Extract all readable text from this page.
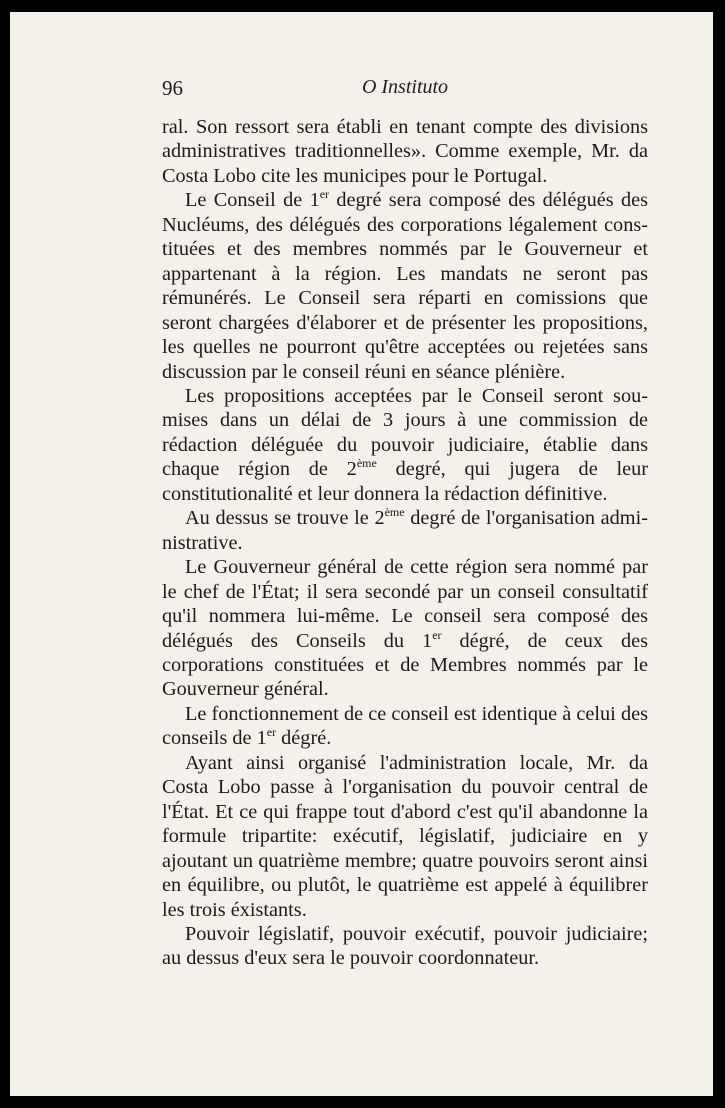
96	O Instituto

ral. Son ressort sera établi en tenant compte des divisions administratives traditionnelles». Comme exemple, Mr. da Costa Lobo cite les municipes pour le Portugal.

Le Conseil de 1er degré sera composé des délégués des Nucléums, des délégués des corporations légalement constituées et des membres nommés par le Gouverneur et appartenant à la région. Les mandats ne seront pas rémunérés. Le Conseil sera réparti en comissions que seront chargées d'élaborer et de présenter les propositions, les quelles ne pourront qu'être acceptées ou rejetées sans discussion par le conseil réuni en séance plénière.

Les propositions acceptées par le Conseil seront soumises dans un délai de 3 jours à une commission de rédaction déléguée du pouvoir judiciaire, établie dans chaque région de 2ème degré, qui jugera de leur constitutionalité et leur donnera la rédaction définitive.

Au dessus se trouve le 2ème degré de l'organisation administrative.

Le Gouverneur général de cette région sera nommé par le chef de l'État; il sera secondé par un conseil consultatif qu'il nommera lui-même. Le conseil sera composé des délégués des Conseils du 1er dégré, de ceux des corporations constituées et de Membres nommés par le Gouverneur général.

Le fonctionnement de ce conseil est identique à celui des conseils de 1er dégré.

Ayant ainsi organisé l'administration locale, Mr. da Costa Lobo passe à l'organisation du pouvoir central de l'État. Et ce qui frappe tout d'abord c'est qu'il abandonne la formule tripartite: exécutif, législatif, judiciaire en y ajoutant un quatrième membre; quatre pouvoirs seront ainsi en équilibre, ou plutôt, le quatrième est appelé à équilibrer les trois éxistants.

Pouvoir législatif, pouvoir exécutif, pouvoir judiciaire; au dessus d'eux sera le pouvoir coordonnateur.
